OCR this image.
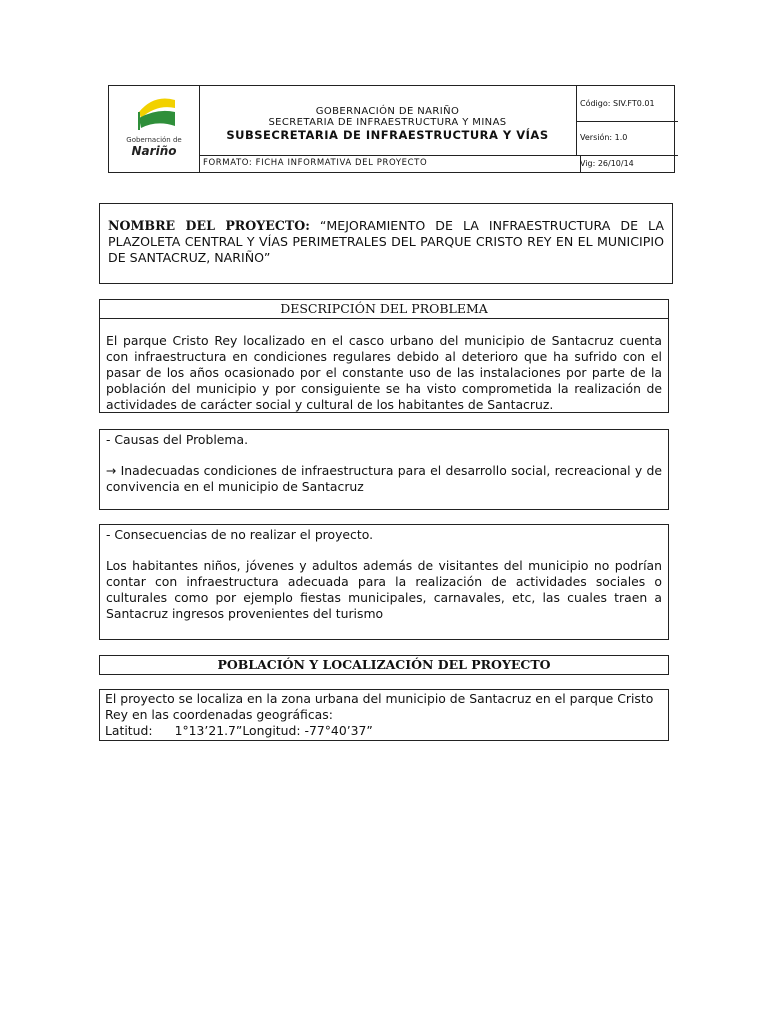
Gobernación de
Nariño
GOBERNACIÓN DE NARIÑO
SECRETARIA DE INFRAESTRUCTURA Y MINAS
SUBSECRETARIA DE INFRAESTRUCTURA Y VÍAS
FORMATO: FICHA INFORMATIVA DEL PROYECTO
Código: SIV.FT0.01
Versión: 1.0
Vig: 26/10/14

NOMBRE DEL PROYECTO: “MEJORAMIENTO DE LA INFRAESTRUCTURA DE LA PLAZOLETA CENTRAL Y VÍAS PERIMETRALES DEL PARQUE CRISTO REY EN EL MUNICIPIO DE SANTACRUZ, NARIÑO”

DESCRIPCIÓN DEL PROBLEMA

El parque Cristo Rey localizado en el casco urbano del municipio de Santacruz cuenta con infraestructura en condiciones regulares debido al deterioro que ha sufrido con el pasar de los años ocasionado por el constante uso de las instalaciones por parte de la población del municipio y por consiguiente se ha visto comprometida la realización de actividades de carácter social y cultural de los habitantes de Santacruz.

- Causas del Problema.

→ Inadecuadas condiciones de infraestructura para el desarrollo social, recreacional y de convivencia en el municipio de Santacruz

- Consecuencias de no realizar el proyecto.

Los habitantes niños, jóvenes y adultos además de visitantes del municipio no podrían contar con infraestructura adecuada para la realización de actividades sociales o culturales como por ejemplo fiestas municipales, carnavales, etc, las cuales traen a Santacruz ingresos provenientes del turismo

POBLACIÓN Y LOCALIZACIÓN DEL PROYECTO

El proyecto se localiza en la zona urbana del municipio de Santacruz en el parque Cristo Rey en las coordenadas geográficas:

Latitud: 1°13’21.7”Longitud: -77°40’37”
